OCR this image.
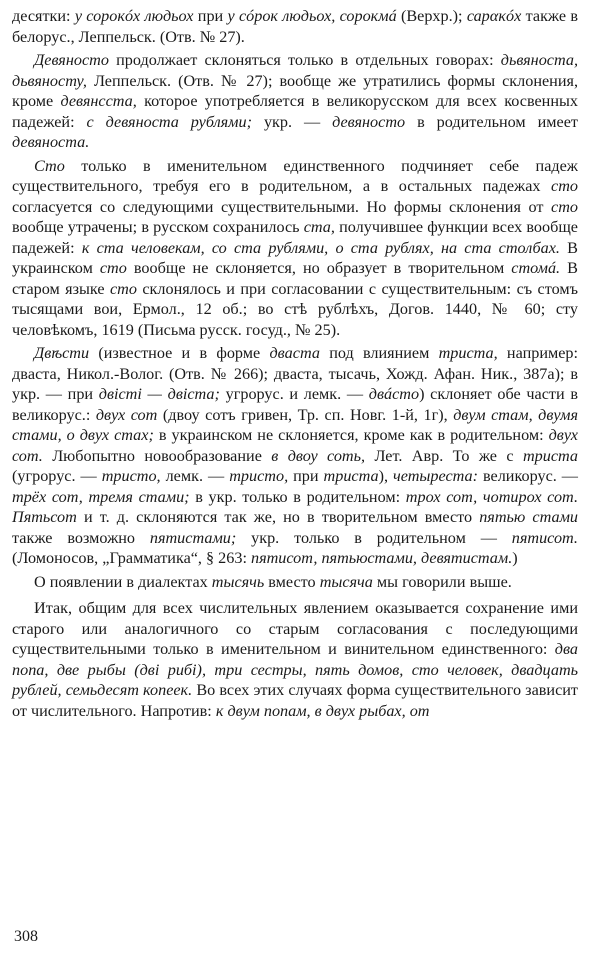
десятки: у сорокóх людьох при у сóрок людьох, сорокмá (Верхр.); сарακóх также в белорус., Леппельск. (Отв. № 27).

Девяносто продолжает склоняться только в отдельных говорах: дьвяноста, дьвяносту, Леппельск. (Отв. № 27); вообще же утратились формы склонения, кроме девянсста, которое употребляется в великорусском для всех косвенных падежей: с девяноста рублями; укр. — девяносто в родительном имеет девяноста.

Сто только в именительном единственного подчиняет себе падеж существительного, требуя его в родительном, а в остальных падежах сто согласуется со следующими существительными. Но формы склонения от сто вообще утрачены; в русском сохранилось ста, получившее функции всех вообще падежей: к ста человекам, со ста рублями, о ста рублях, на ста столбах. В украинском сто вообще не склоняется, но образует в творительном стомá. В старом языке сто склонялось и при согласовании с существительным: съ стомъ тысящами вои, Ермол., 12 об.; во стѣ рублѣхъ, Догов. 1440, № 60; сту человѣкомъ, 1619 (Письма русск. госуд., № 25).

Двѣсти (известное и в форме двaста под влиянием триста, например: двaста, Никол.-Волог. (Отв. № 266); двaста, тысачь, Хожд. Афан. Ник., 387а); в укр. — при двiстi — двiста; угрорус. и лемк. — двáсто) склоняет обе части в великорус.: двух сот (двоу сотъ гривен, Тр. сп. Новг. 1-й, 1г), двум стам, двумя стами, о двух стах; в украинском не склоняется, кроме как в родительном: двух сот. Любопытно новообразование в двоу соть, Лет. Авр. То же с триста (угрорус. — тристо, лемк. — тристо, при триста), четыреста: великорус. — трёх сот, тремя стами; в укр. только в родительном: трох сот, чотирох сот. Пятьсот и т. д. склоняются так же, но в творительном вместо пятью стами также возможно пятистами; укр. только в родительном — пятисот. (Ломоносов, „Грамматика“, § 263: пятисот, пятьюстами, девятистам.)

О появлении в диалектах тысячь вместо тысяча мы говорили выше.

Итак, общим для всех числительных явлением оказывается сохранение ими старого или аналогичного со старым согласования с последующими существительными только в именительном и винительном единственного: два попа, две рыбы (двi рибi), три сестры, пять домов, сто человек, двадцать рублей, семьдесят копеек. Во всех этих случаях форма существительного зависит от числительного. Напротив: к двум попам, в двух рыбах, от

308
